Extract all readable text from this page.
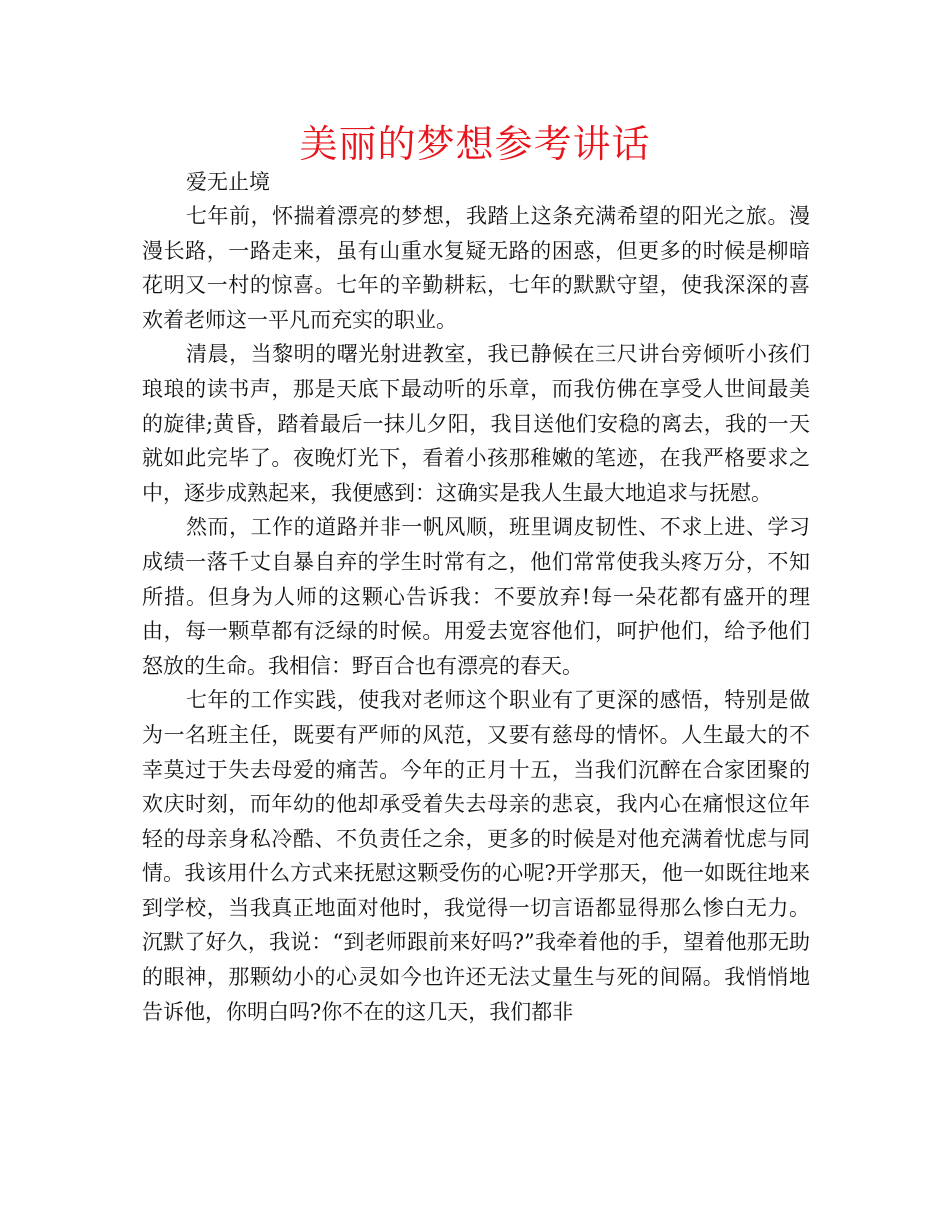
美丽的梦想参考讲话

爱无止境

七年前，怀揣着漂亮的梦想，我踏上这条充满希望的阳光之旅。漫漫长路，一路走来，虽有山重水复疑无路的困惑，但更多的时候是柳暗花明又一村的惊喜。七年的辛勤耕耘，七年的默默守望，使我深深的喜欢着老师这一平凡而充实的职业。

清晨，当黎明的曙光射进教室，我已静候在三尺讲台旁倾听小孩们琅琅的读书声，那是天底下最动听的乐章，而我仿佛在享受人世间最美的旋律;黄昏，踏着最后一抹儿夕阳，我目送他们安稳的离去，我的一天就如此完毕了。夜晚灯光下，看着小孩那稚嫩的笔迹，在我严格要求之中，逐步成熟起来，我便感到：这确实是我人生最大地追求与抚慰。

然而，工作的道路并非一帆风顺，班里调皮韧性、不求上进、学习成绩一落千丈自暴自弃的学生时常有之，他们常常使我头疼万分，不知所措。但身为人师的这颗心告诉我：不要放弃!每一朵花都有盛开的理由，每一颗草都有泛绿的时候。用爱去宽容他们，呵护他们，给予他们怒放的生命。我相信：野百合也有漂亮的春天。

七年的工作实践，使我对老师这个职业有了更深的感悟，特别是做为一名班主任，既要有严师的风范，又要有慈母的情怀。人生最大的不幸莫过于失去母爱的痛苦。今年的正月十五，当我们沉醉在合家团聚的欢庆时刻，而年幼的他却承受着失去母亲的悲哀，我内心在痛恨这位年轻的母亲身私冷酷、不负责任之余，更多的时候是对他充满着忧虑与同情。我该用什么方式来抚慰这颗受伤的心呢?开学那天，他一如既往地来到学校，当我真正地面对他时，我觉得一切言语都显得那么惨白无力。沉默了好久，我说：“到老师跟前来好吗?”我牵着他的手，望着他那无助的眼神，那颗幼小的心灵如今也许还无法丈量生与死的间隔。我悄悄地告诉他，你明白吗?你不在的这几天，我们都非
